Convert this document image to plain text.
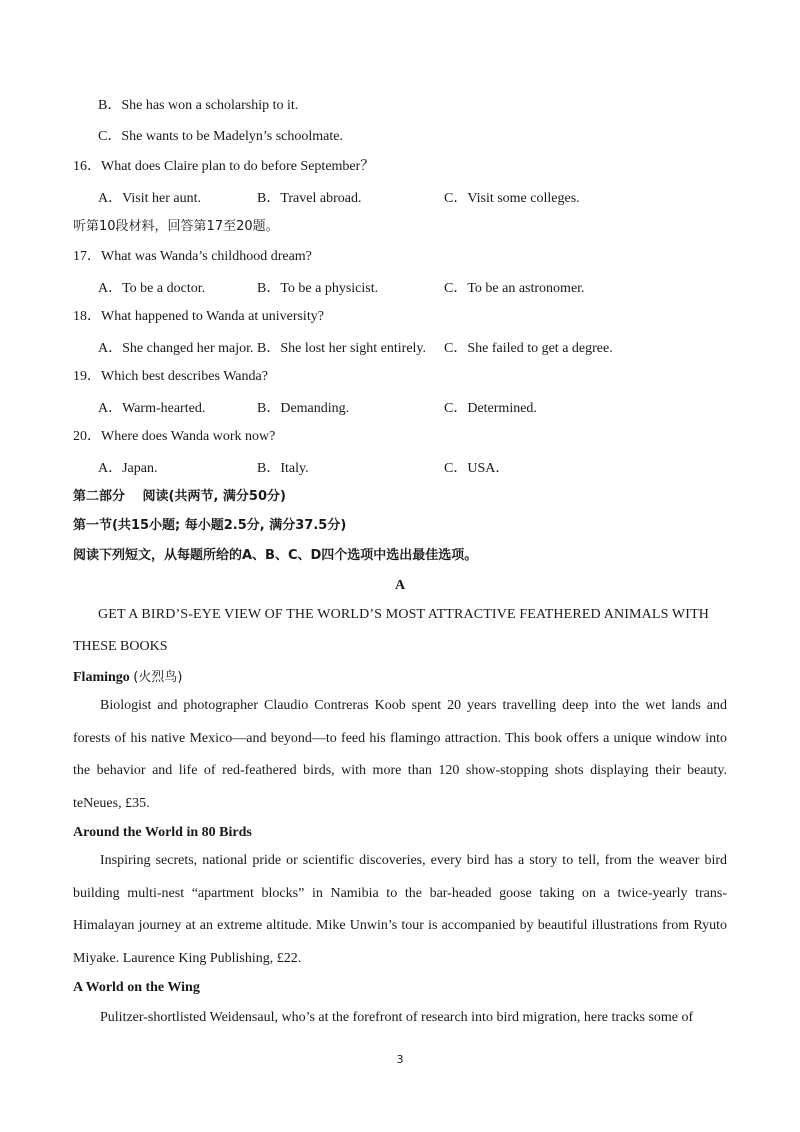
B．She has won a scholarship to it.
C．She wants to be Madelyn’s schoolmate.
16．What does Claire plan to do before September？
A．Visit her aunt.	B．Travel abroad.	C．Visit some colleges.
听第10段材料，回答第17至20题。
17．What was Wanda’s childhood dream?
A．To be a doctor.	B．To be a physicist.	C．To be an astronomer.
18．What happened to Wanda at university?
A．She changed her major. B．She lost her sight entirely. C．She failed to get a degree.
19．Which best describes Wanda?
A．Warm-hearted.	B．Demanding.	C．Determined.
20．Where does Wanda work now?
A．Japan.	B．Italy.	C．USA．
第二部分　 阅读(共两节, 满分50分)
第一节(共15小题; 每小题2.5分, 满分37.5分)
阅读下列短文，从每题所给的A、B、C、D四个选项中选出最佳选项。
A
GET A BIRD’S-EYE VIEW OF THE WORLD’S MOST ATTRACTIVE FEATHERED ANIMALS WITH
THESE BOOKS
Flamingo (火烈鸟)
Biologist and photographer Claudio Contreras Koob spent 20 years travelling deep into the wet lands and forests of his native Mexico—and beyond—to feed his flamingo attraction. This book offers a unique window into the behavior and life of red-feathered birds, with more than 120 show-stopping shots displaying their beauty. teNeues, £35.
Around the World in 80 Birds
Inspiring secrets, national pride or scientific discoveries, every bird has a story to tell, from the weaver bird building multi-nest “apartment blocks” in Namibia to the bar-headed goose taking on a twice-yearly trans-Himalayan journey at an extreme altitude. Mike Unwin’s tour is accompanied by beautiful illustrations from Ryuto Miyake. Laurence King Publishing, £22.
A World on the Wing
Pulitzer-shortlisted Weidensaul, who’s at the forefront of research into bird migration, here tracks some of
3
